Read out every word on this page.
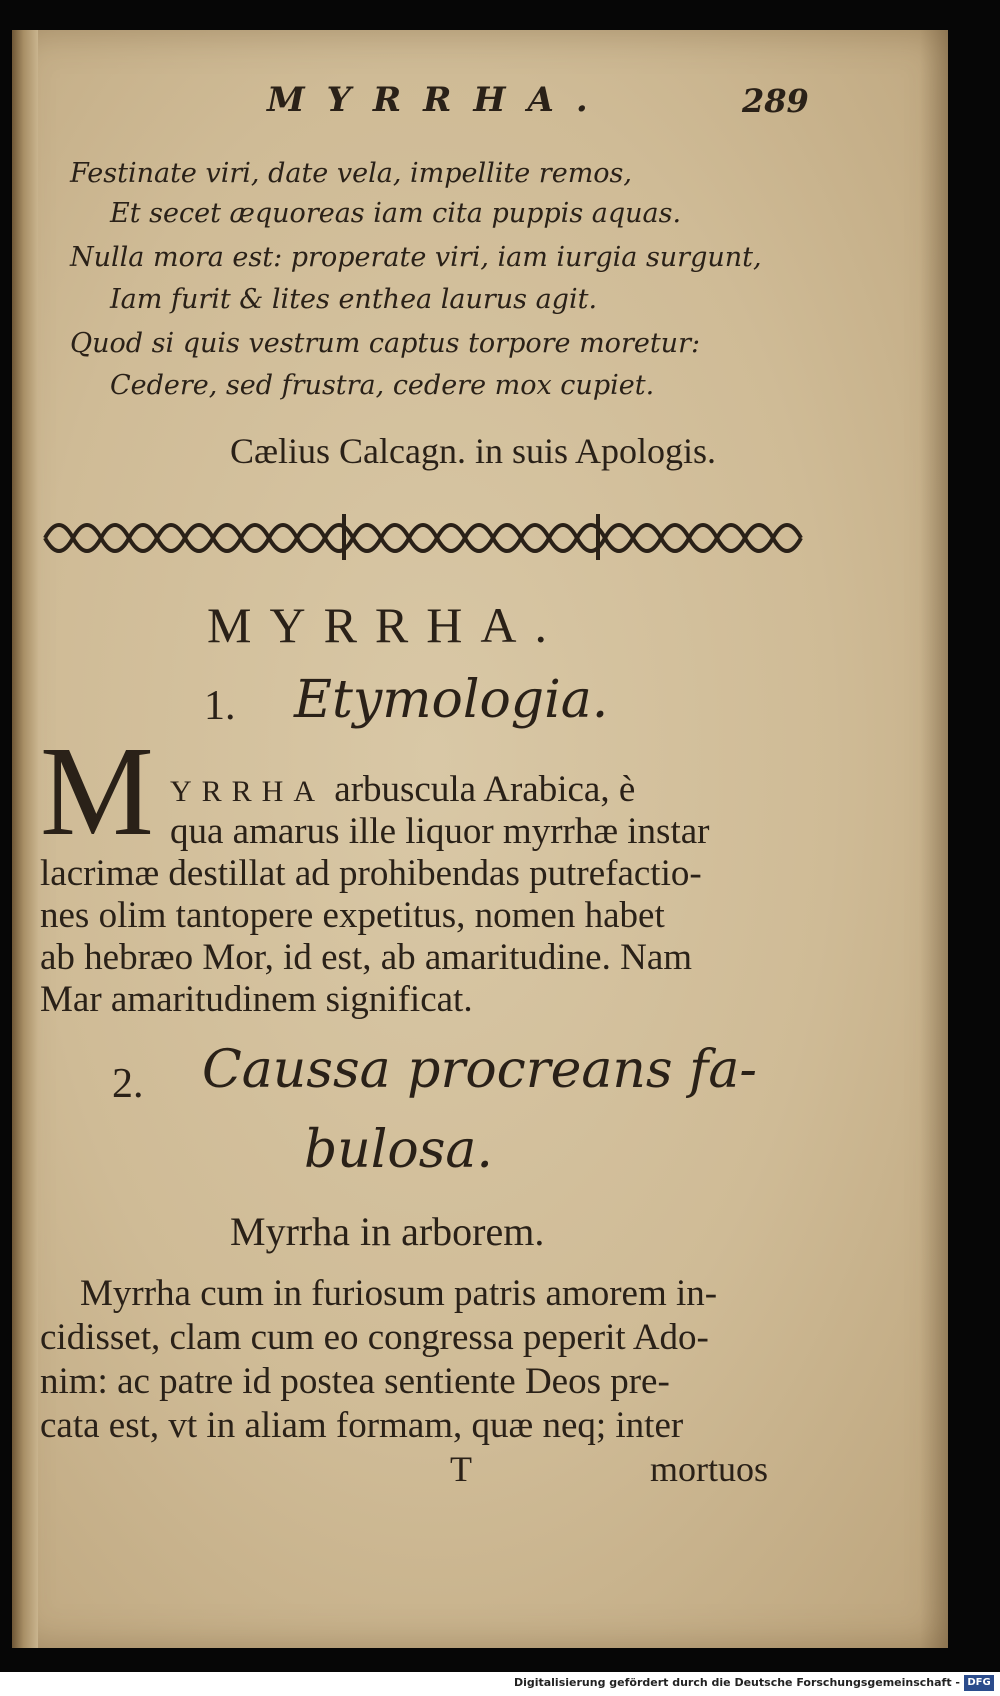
MYRRHA.	289
Festinate viri, date vela, impellite remos,
Et secet æquoreas iam cita puppis aquas.
Nulla mora est: properate viri, iam iurgia surgunt,
Iam furit & lites enthea laurus agit.
Quod si quis vestrum captus torpore moretur:
Cedere, sed frustra, cedere mox cupiet.
Cælius Calcagn. in suis Apologis.
MYRRHA.
1. Etymologia.
M YRRHA arbuscula Arabica, è
qua amarus ille liquor myrrhæ instar
lacrimæ destillat ad prohibendas putrefactio-
nes olim tantopere expetitus, nomen habet
ab hebræo Mor, id est, ab amaritudine. Nam
Mar amaritudinem significat.
2. Caussa procreans fa-
bulosa.
Myrrha in arborem.
Myrrha cum in furiosum patris amorem in-
cidisset, clam cum eo congressa peperit Ado-
nim: ac patre id postea sentiente Deos pre-
cata est, vt in aliam formam, quæ neq; inter
T	mortuos
Digitalisierung gefördert durch die Deutsche Forschungsgemeinschaft - DFG
